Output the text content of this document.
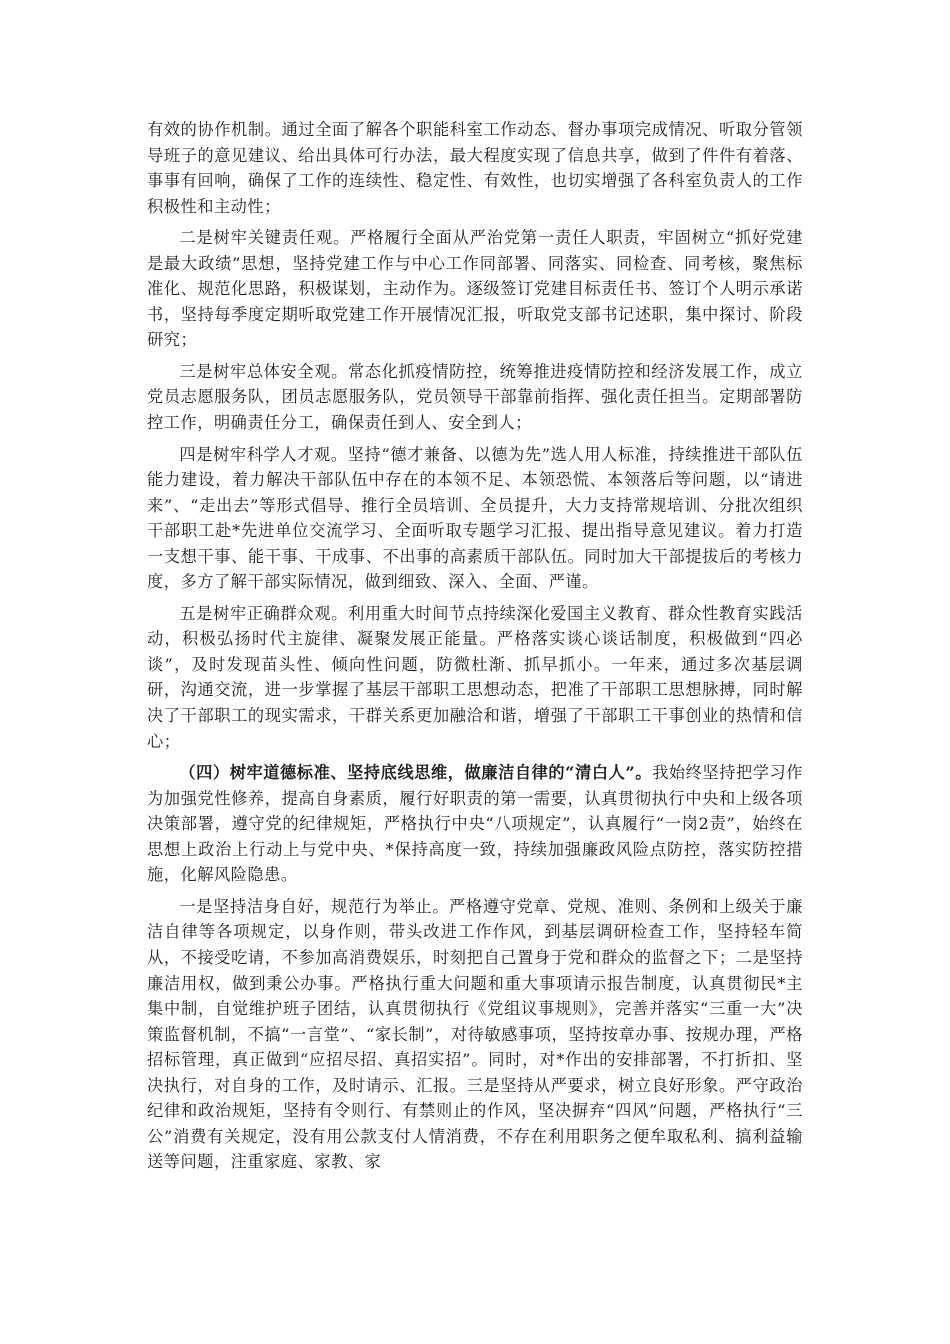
有效的协作机制。通过全面了解各个职能科室工作动态、督办事项完成情况、听取分管领导班子的意见建议、给出具体可行办法，最大程度实现了信息共享，做到了件件有着落、事事有回响，确保了工作的连续性、稳定性、有效性，也切实增强了各科室负责人的工作积极性和主动性；

二是树牢关键责任观。严格履行全面从严治党第一责任人职责，牢固树立“抓好党建是最大政绩”思想，坚持党建工作与中心工作同部署、同落实、同检查、同考核，聚焦标准化、规范化思路，积极谋划，主动作为。逐级签订党建目标责任书、签订个人明示承诺书，坚持每季度定期听取党建工作开展情况汇报，听取党支部书记述职，集中探讨、阶段研究；

三是树牢总体安全观。常态化抓疫情防控，统筹推进疫情防控和经济发展工作，成立党员志愿服务队，团员志愿服务队，党员领导干部靠前指挥、强化责任担当。定期部署防控工作，明确责任分工，确保责任到人、安全到人；

四是树牢科学人才观。坚持“德才兼备、以德为先”选人用人标准，持续推进干部队伍能力建设，着力解决干部队伍中存在的本领不足、本领恐慌、本领落后等问题，以“请进来”、“走出去”等形式倡导、推行全员培训、全员提升，大力支持常规培训、分批次组织干部职工赴*先进单位交流学习、全面听取专题学习汇报、提出指导意见建议。着力打造一支想干事、能干事、干成事、不出事的高素质干部队伍。同时加大干部提拔后的考核力度，多方了解干部实际情况，做到细致、深入、全面、严谨。

五是树牢正确群众观。利用重大时间节点持续深化爱国主义教育、群众性教育实践活动，积极弘扬时代主旋律、凝聚发展正能量。严格落实谈心谈话制度，积极做到“四必谈”，及时发现苗头性、倾向性问题，防微杜渐、抓早抓小。一年来，通过多次基层调研，沟通交流，进一步掌握了基层干部职工思想动态，把准了干部职工思想脉搏，同时解决了干部职工的现实需求，干群关系更加融洽和谐，增强了干部职工干事创业的热情和信心；

（四）树牢道德标准、坚持底线思维，做廉洁自律的“清白人”。我始终坚持把学习作为加强党性修养，提高自身素质，履行好职责的第一需要，认真贯彻执行中央和上级各项决策部署，遵守党的纪律规矩，严格执行中央“八项规定”，认真履行“一岗2责”，始终在思想上政治上行动上与党中央、*保持高度一致，持续加强廉政风险点防控，落实防控措施，化解风险隐患。

一是坚持洁身自好，规范行为举止。严格遵守党章、党规、准则、条例和上级关于廉洁自律等各项规定，以身作则，带头改进工作作风，到基层调研检查工作，坚持轻车简从，不接受吃请，不参加高消费娱乐，时刻把自己置身于党和群众的监督之下；二是坚持廉洁用权，做到秉公办事。严格执行重大问题和重大事项请示报告制度，认真贯彻民*主集中制，自觉维护班子团结，认真贯彻执行《党组议事规则》，完善并落实“三重一大”决策监督机制，不搞“一言堂”、“家长制”，对待敏感事项，坚持按章办事、按规办理，严格招标管理，真正做到“应招尽招、真招实招”。同时，对*作出的安排部署，不打折扣、坚决执行，对自身的工作，及时请示、汇报。三是坚持从严要求，树立良好形象。严守政治纪律和政治规矩，坚持有令则行、有禁则止的作风，坚决摒弃“四风”问题，严格执行“三公”消费有关规定，没有用公款支付人情消费，不存在利用职务之便牟取私利、搞利益输送等问题，注重家庭、家教、家
